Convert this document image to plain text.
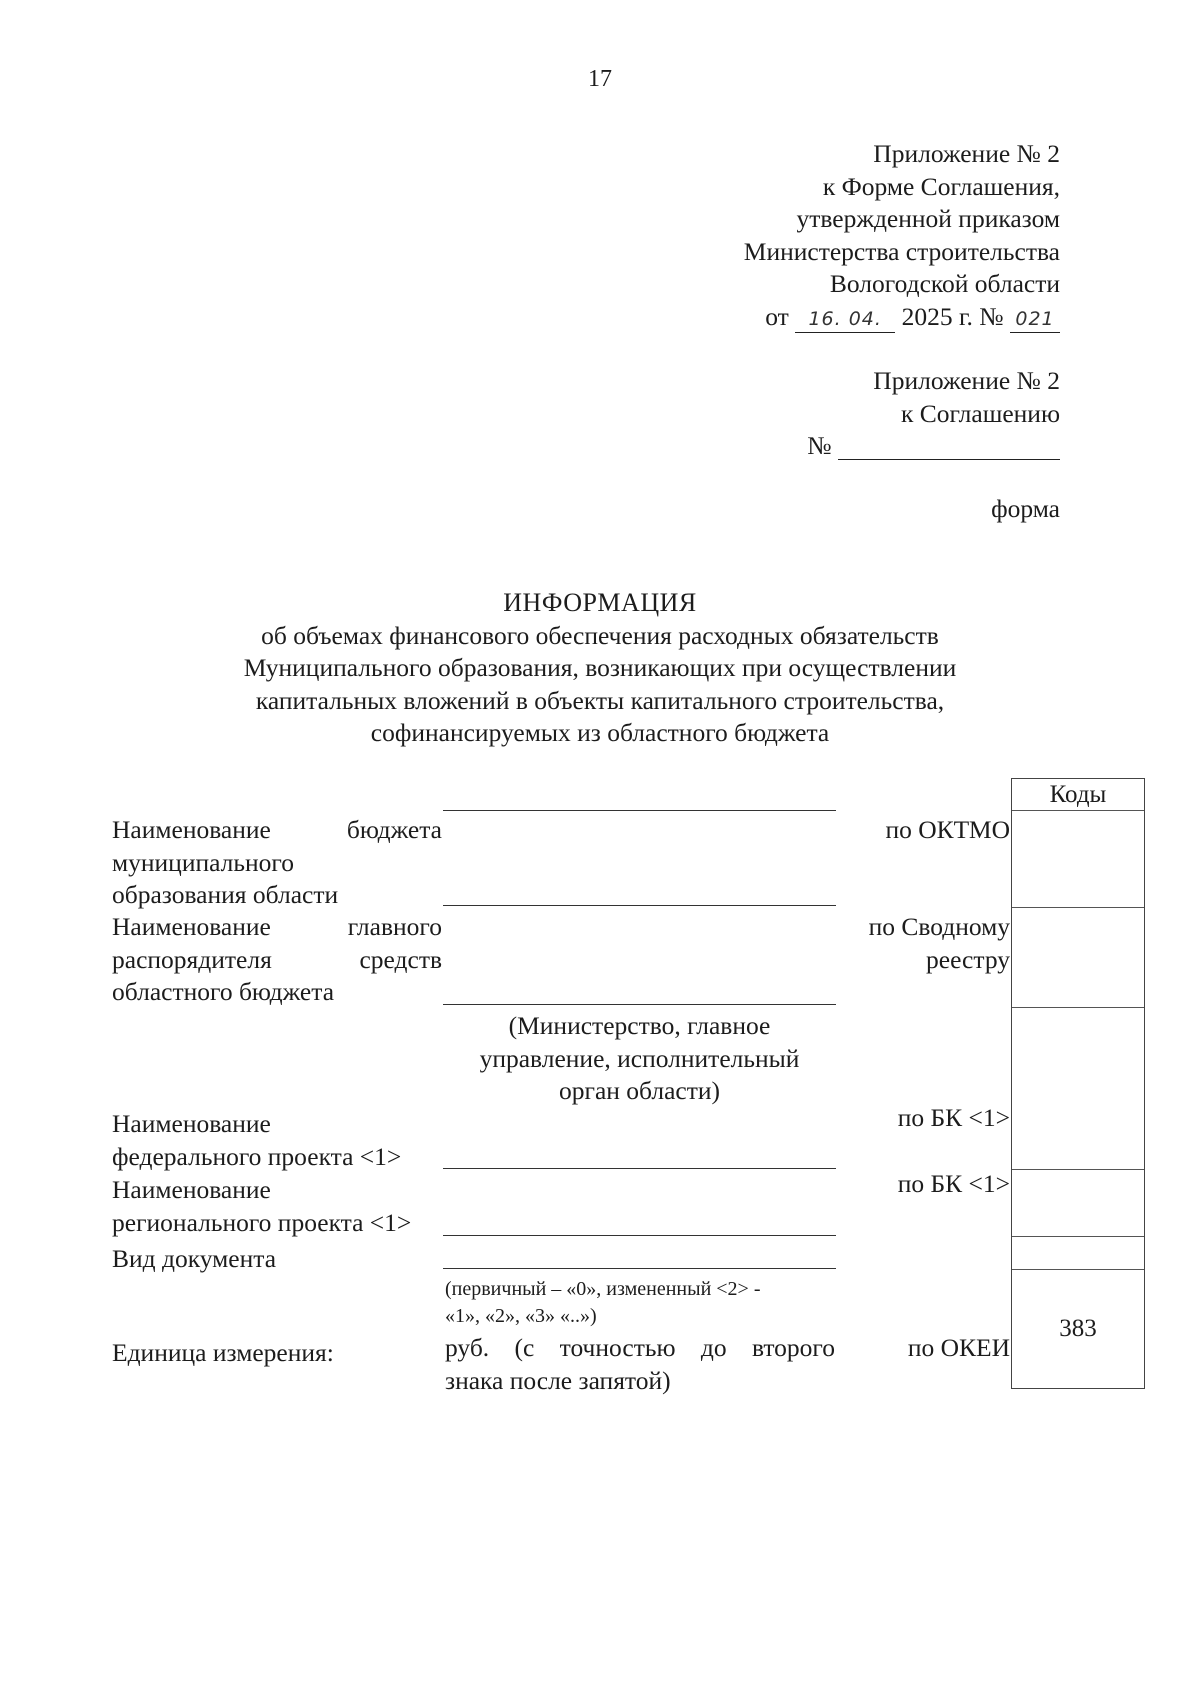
17
Приложение № 2
к Форме Соглашения,
утвержденной приказом
Министерства строительства
Вологодской области
от 16. 04. 2025 г. № 021
Приложение № 2
к Соглашению
№
форма
ИНФОРМАЦИЯ
об объемах финансового обеспечения расходных обязательств
Муниципального образования, возникающих при осуществлении
капитальных вложений в объекты капитального строительства,
софинансируемых из областного бюджета
Наименование бюджета
муниципального
образования области
по ОКТМО
Наименование главного
распорядителя средств
областного бюджета
по Сводному
реестру
(Министерство, главное
управление, исполнительный
орган области)
Наименование
федерального проекта <1>
по БК <1>
Наименование
регионального проекта <1>
по БК <1>
Вид документа
(первичный – «0», измененный <2> -
«1», «2», «3» «..»)
Единица измерения:	руб. (с точностью до второго
знака после запятой)
по ОКЕИ
Коды
383
